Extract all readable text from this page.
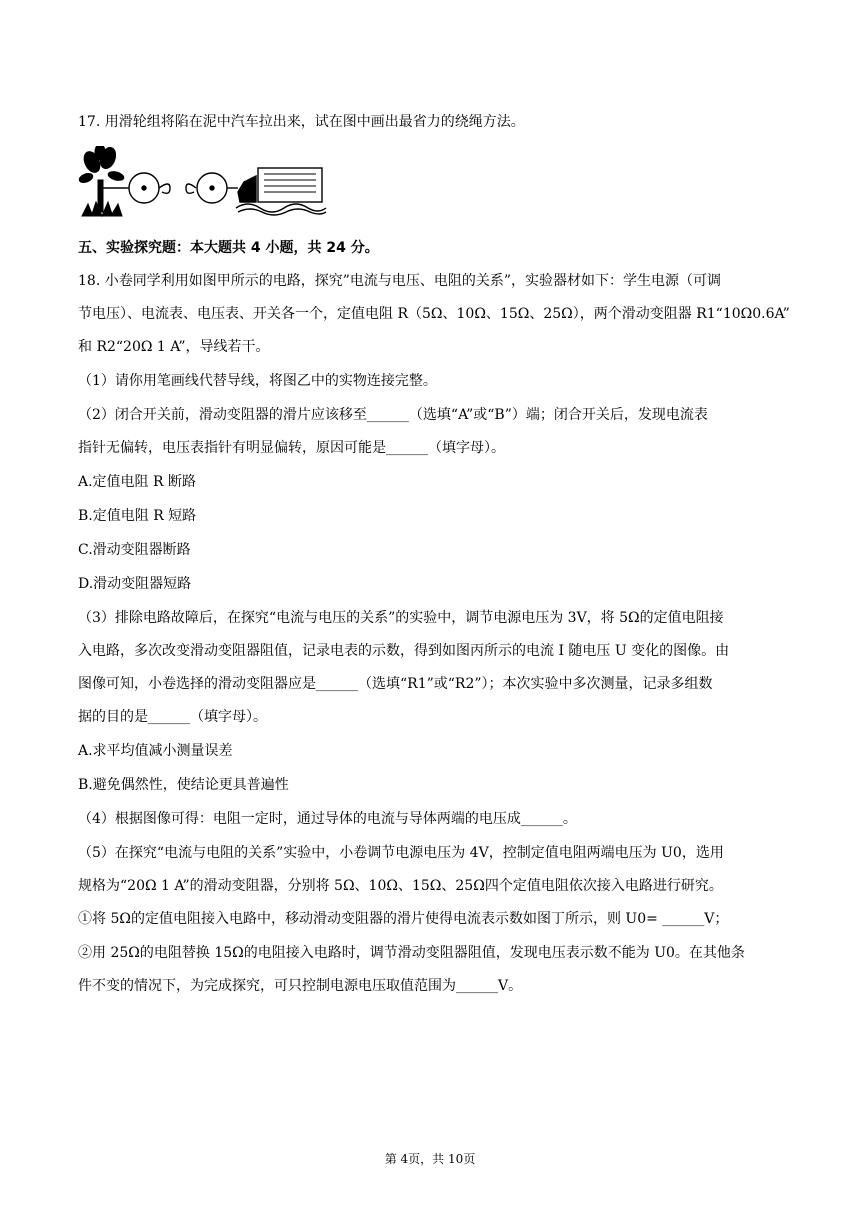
17. 用滑轮组将陷在泥中汽车拉出来，试在图中画出最省力的绕绳方法。
五、实验探究题：本大题共 4 小题，共 24 分。
18. 小卷同学利用如图甲所示的电路，探究”电流与电压、电阻的关系”，实验器材如下：学生电源（可调
节电压）、电流表、电压表、开关各一个，定值电阻 R（5Ω、10Ω、15Ω、25Ω），两个滑动变阻器 R1“10Ω0.6A”
和 R2“20Ω 1 A”，导线若干。
（1）请你用笔画线代替导线，将图乙中的实物连接完整。
（2）闭合开关前，滑动变阻器的滑片应该移至______（选填“A”或“B”）端；闭合开关后，发现电流表
指针无偏转，电压表指针有明显偏转，原因可能是______（填字母）。
A.定值电阻 R 断路
B.定值电阻 R 短路
C.滑动变阻器断路
D.滑动变阻器短路
（3）排除电路故障后，在探究“电流与电压的关系”的实验中，调节电源电压为 3V，将 5Ω的定值电阻接
入电路，多次改变滑动变阻器阻值，记录电表的示数，得到如图丙所示的电流 I 随电压 U 变化的图像。由
图像可知，小卷选择的滑动变阻器应是______（选填“R1”或“R2”）；本次实验中多次测量，记录多组数
据的目的是______（填字母）。
A.求平均值减小测量误差
B.避免偶然性，使结论更具普遍性
（4）根据图像可得：电阻一定时，通过导体的电流与导体两端的电压成______。
（5）在探究“电流与电阻的关系”实验中，小卷调节电源电压为 4V，控制定值电阻两端电压为 U0，选用
规格为“20Ω 1 A”的滑动变阻器，分别将 5Ω、10Ω、15Ω、25Ω四个定值电阻依次接入电路进行研究。
①将 5Ω的定值电阻接入电路中，移动滑动变阻器的滑片使得电流表示数如图丁所示，则 U0= ______V；
②用 25Ω的电阻替换 15Ω的电阻接入电路时，调节滑动变阻器阻值，发现电压表示数不能为 U0。在其他条
件不变的情况下，为完成探究，可只控制电源电压取值范围为______V。
第 4页，共 10页
